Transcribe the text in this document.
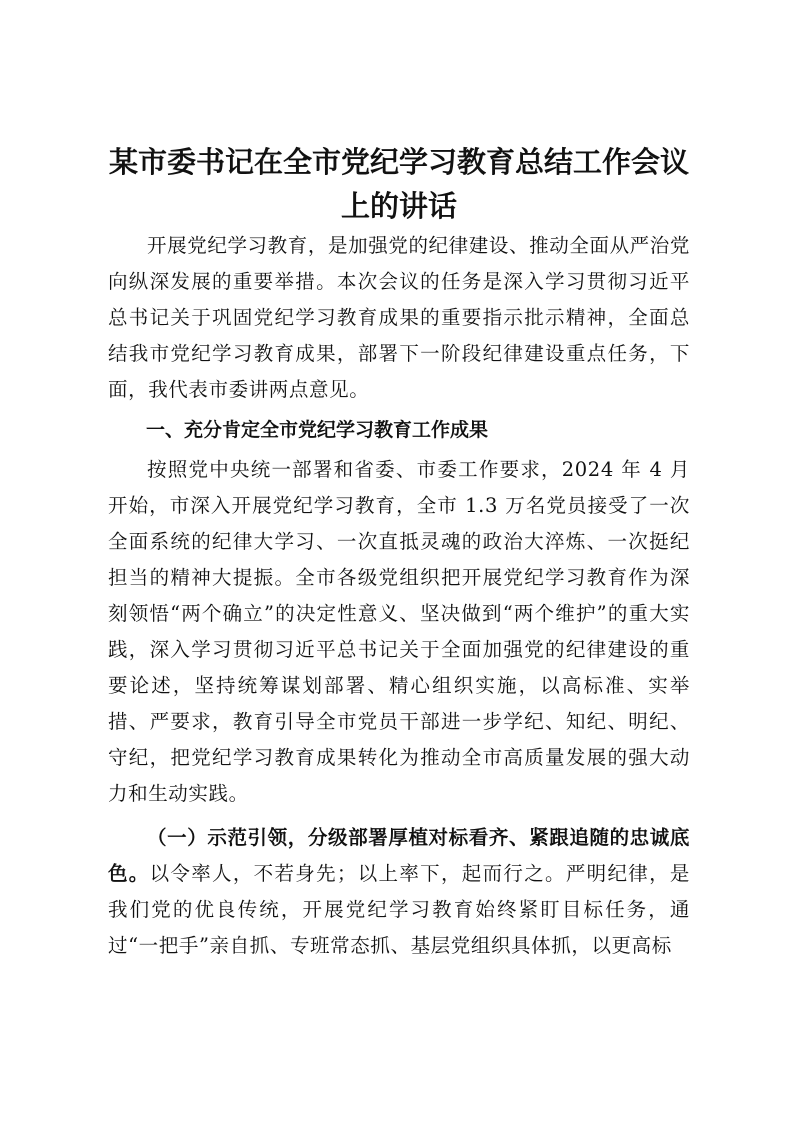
某市委书记在全市党纪学习教育总结工作会议
上的讲话

开展党纪学习教育，是加强党的纪律建设、推动全面从严治党向纵深发展的重要举措。本次会议的任务是深入学习贯彻习近平总书记关于巩固党纪学习教育成果的重要指示批示精神，全面总结我市党纪学习教育成果，部署下一阶段纪律建设重点任务，下面，我代表市委讲两点意见。

一、充分肯定全市党纪学习教育工作成果

按照党中央统一部署和省委、市委工作要求，2024 年 4 月开始，市深入开展党纪学习教育，全市 1.3 万名党员接受了一次全面系统的纪律大学习、一次直抵灵魂的政治大淬炼、一次挺纪担当的精神大提振。全市各级党组织把开展党纪学习教育作为深刻领悟“两个确立”的决定性意义、坚决做到“两个维护”的重大实践，深入学习贯彻习近平总书记关于全面加强党的纪律建设的重要论述，坚持统筹谋划部署、精心组织实施，以高标准、实举措、严要求，教育引导全市党员干部进一步学纪、知纪、明纪、守纪，把党纪学习教育成果转化为推动全市高质量发展的强大动力和生动实践。

（一）示范引领，分级部署厚植对标看齐、紧跟追随的忠诚底色。以令率人，不若身先；以上率下，起而行之。严明纪律，是我们党的优良传统，开展党纪学习教育始终紧盯目标任务，通过“一把手”亲自抓、专班常态抓、基层党组织具体抓，以更高标
